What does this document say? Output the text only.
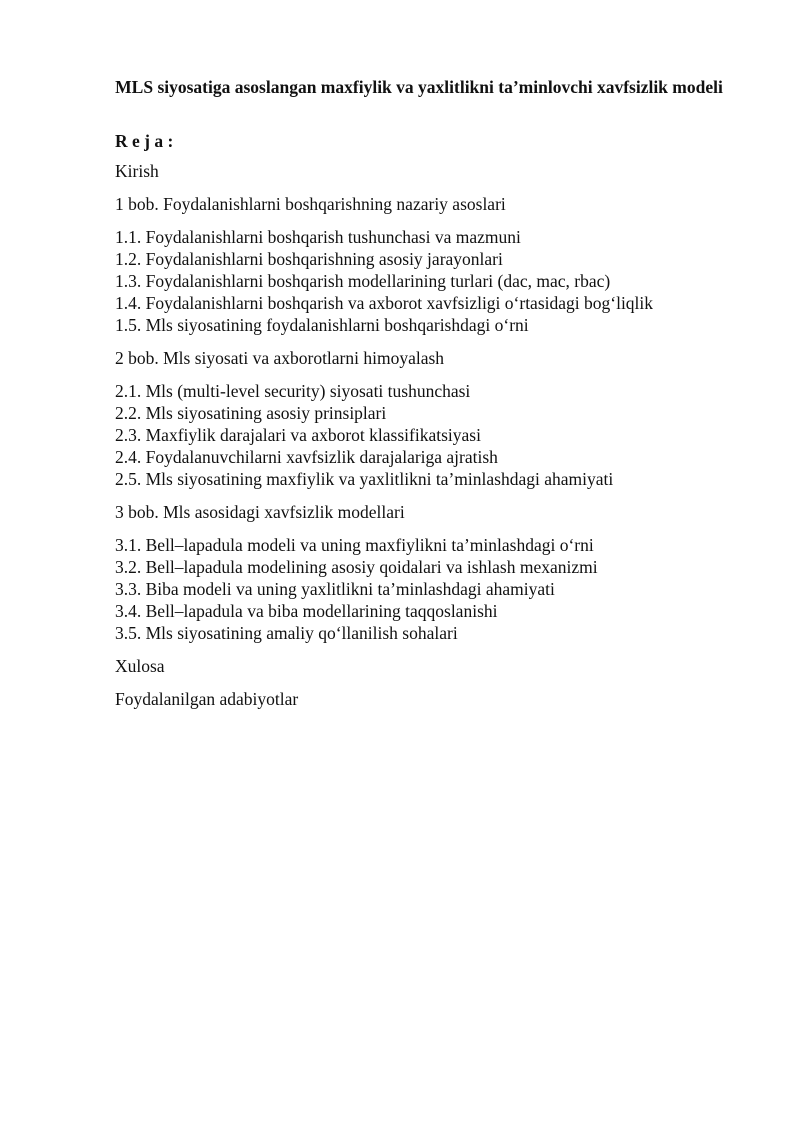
MLS siyosatiga asoslangan maxfiylik va yaxlitlikni taʼminlovchi xavfsizlik modeli

R e j a :

Kirish

1 bob. Foydalanishlarni boshqarishning nazariy asoslari

1.1. Foydalanishlarni boshqarish tushunchasi va mazmuni

1.2. Foydalanishlarni boshqarishning asosiy jarayonlari

1.3. Foydalanishlarni boshqarish modellarining turlari (dac, mac, rbac)

1.4. Foydalanishlarni boshqarish va axborot xavfsizligi oʻrtasidagi bogʻliqlik

1.5. Mls siyosatining foydalanishlarni boshqarishdagi oʻrni

2 bob. Mls siyosati va axborotlarni himoyalash

2.1. Mls (multi-level security) siyosati tushunchasi

2.2. Mls siyosatining asosiy prinsiplari

2.3. Maxfiylik darajalari va axborot klassifikatsiyasi

2.4. Foydalanuvchilarni xavfsizlik darajalariga ajratish

2.5. Mls siyosatining maxfiylik va yaxlitlikni taʼminlashdagi ahamiyati

3 bob. Mls asosidagi xavfsizlik modellari

3.1. Bell–lapadula modeli va uning maxfiylikni taʼminlashdagi oʻrni

3.2. Bell–lapadula modelining asosiy qoidalari va ishlash mexanizmi

3.3. Biba modeli va uning yaxlitlikni taʼminlashdagi ahamiyati

3.4. Bell–lapadula va biba modellarining taqqoslanishi

3.5. Mls siyosatining amaliy qoʻllanilish sohalari

Xulosa

Foydalanilgan adabiyotlar
